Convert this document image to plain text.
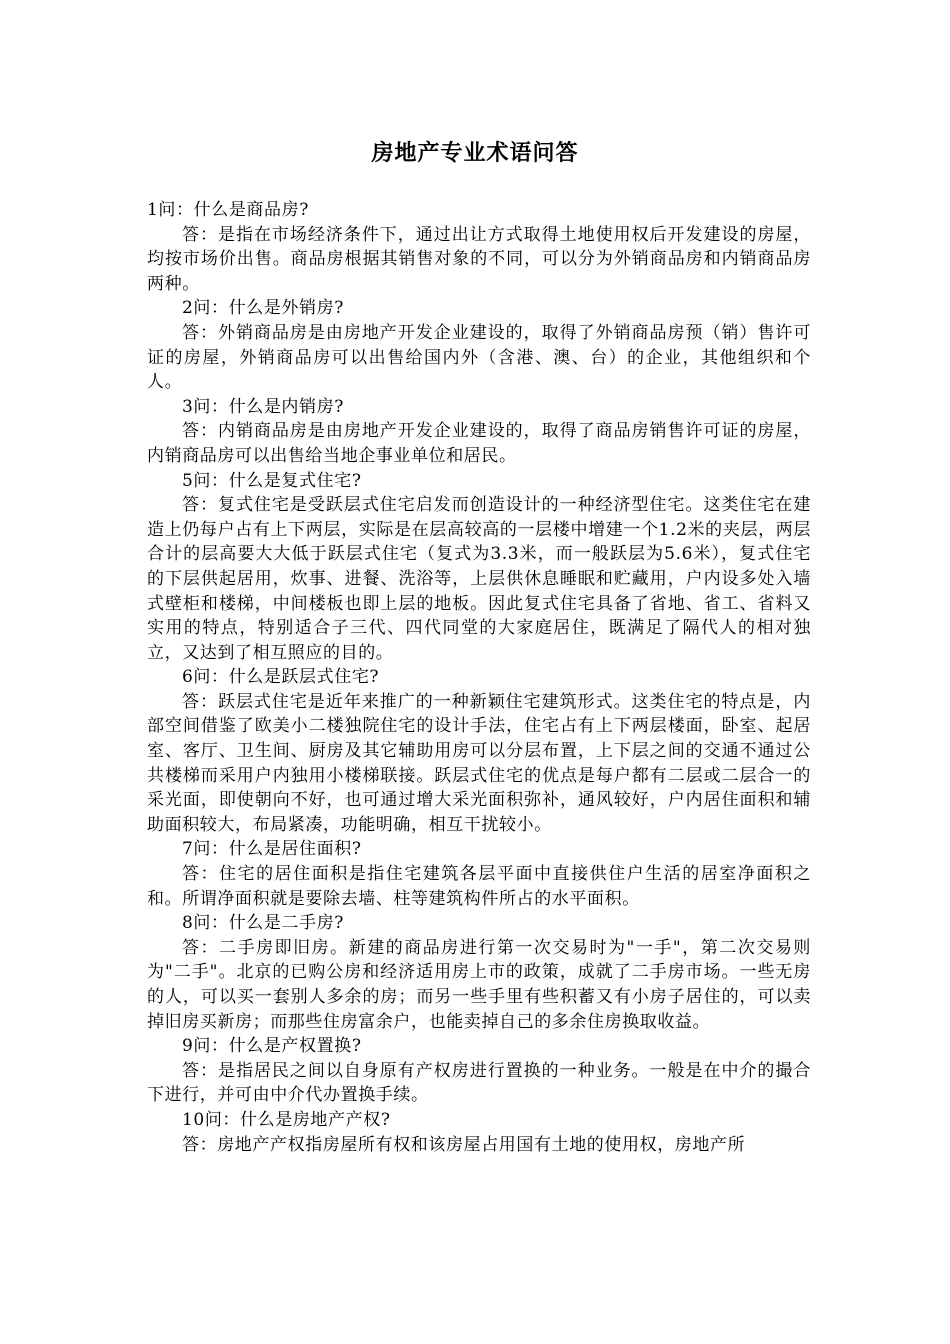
房地产专业术语问答

1问：什么是商品房?

答：是指在市场经济条件下，通过出让方式取得土地使用权后开发建设的房屋，均按市场价出售。商品房根据其销售对象的不同，可以分为外销商品房和内销商品房两种。

2问：什么是外销房?

答：外销商品房是由房地产开发企业建设的，取得了外销商品房预（销）售许可证的房屋，外销商品房可以出售给国内外（含港、澳、台）的企业，其他组织和个人。

3问：什么是内销房?

答：内销商品房是由房地产开发企业建设的，取得了商品房销售许可证的房屋，内销商品房可以出售给当地企事业单位和居民。

5问：什么是复式住宅?

答：复式住宅是受跃层式住宅启发而创造设计的一种经济型住宅。这类住宅在建造上仍每户占有上下两层，实际是在层高较高的一层楼中增建一个1.2米的夹层，两层合计的层高要大大低于跃层式住宅（复式为3.3米，而一般跃层为5.6米），复式住宅的下层供起居用，炊事、进餐、洗浴等，上层供休息睡眠和贮藏用，户内设多处入墙式壁柜和楼梯，中间楼板也即上层的地板。因此复式住宅具备了省地、省工、省料又实用的特点，特别适合子三代、四代同堂的大家庭居住，既满足了隔代人的相对独立，又达到了相互照应的目的。

6问：什么是跃层式住宅?

答：跃层式住宅是近年来推广的一种新颖住宅建筑形式。这类住宅的特点是，内部空间借鉴了欧美小二楼独院住宅的设计手法，住宅占有上下两层楼面，卧室、起居室、客厅、卫生间、厨房及其它辅助用房可以分层布置，上下层之间的交通不通过公共楼梯而采用户内独用小楼梯联接。跃层式住宅的优点是每户都有二层或二层合一的采光面，即使朝向不好，也可通过增大采光面积弥补，通风较好，户内居住面积和辅助面积较大，布局紧凑，功能明确，相互干扰较小。

7问：什么是居住面积?

答：住宅的居住面积是指住宅建筑各层平面中直接供住户生活的居室净面积之和。所谓净面积就是要除去墙、柱等建筑构件所占的水平面积。

8问：什么是二手房?

答：二手房即旧房。新建的商品房进行第一次交易时为"一手"，第二次交易则为"二手"。北京的已购公房和经济适用房上市的政策，成就了二手房市场。一些无房的人，可以买一套别人多余的房；而另一些手里有些积蓄又有小房子居住的，可以卖掉旧房买新房；而那些住房富余户，也能卖掉自己的多余住房换取收益。

9问：什么是产权置换?

答：是指居民之间以自身原有产权房进行置换的一种业务。一般是在中介的撮合下进行，并可由中介代办置换手续。

10问：什么是房地产产权?

答：房地产产权指房屋所有权和该房屋占用国有土地的使用权，房地产所
